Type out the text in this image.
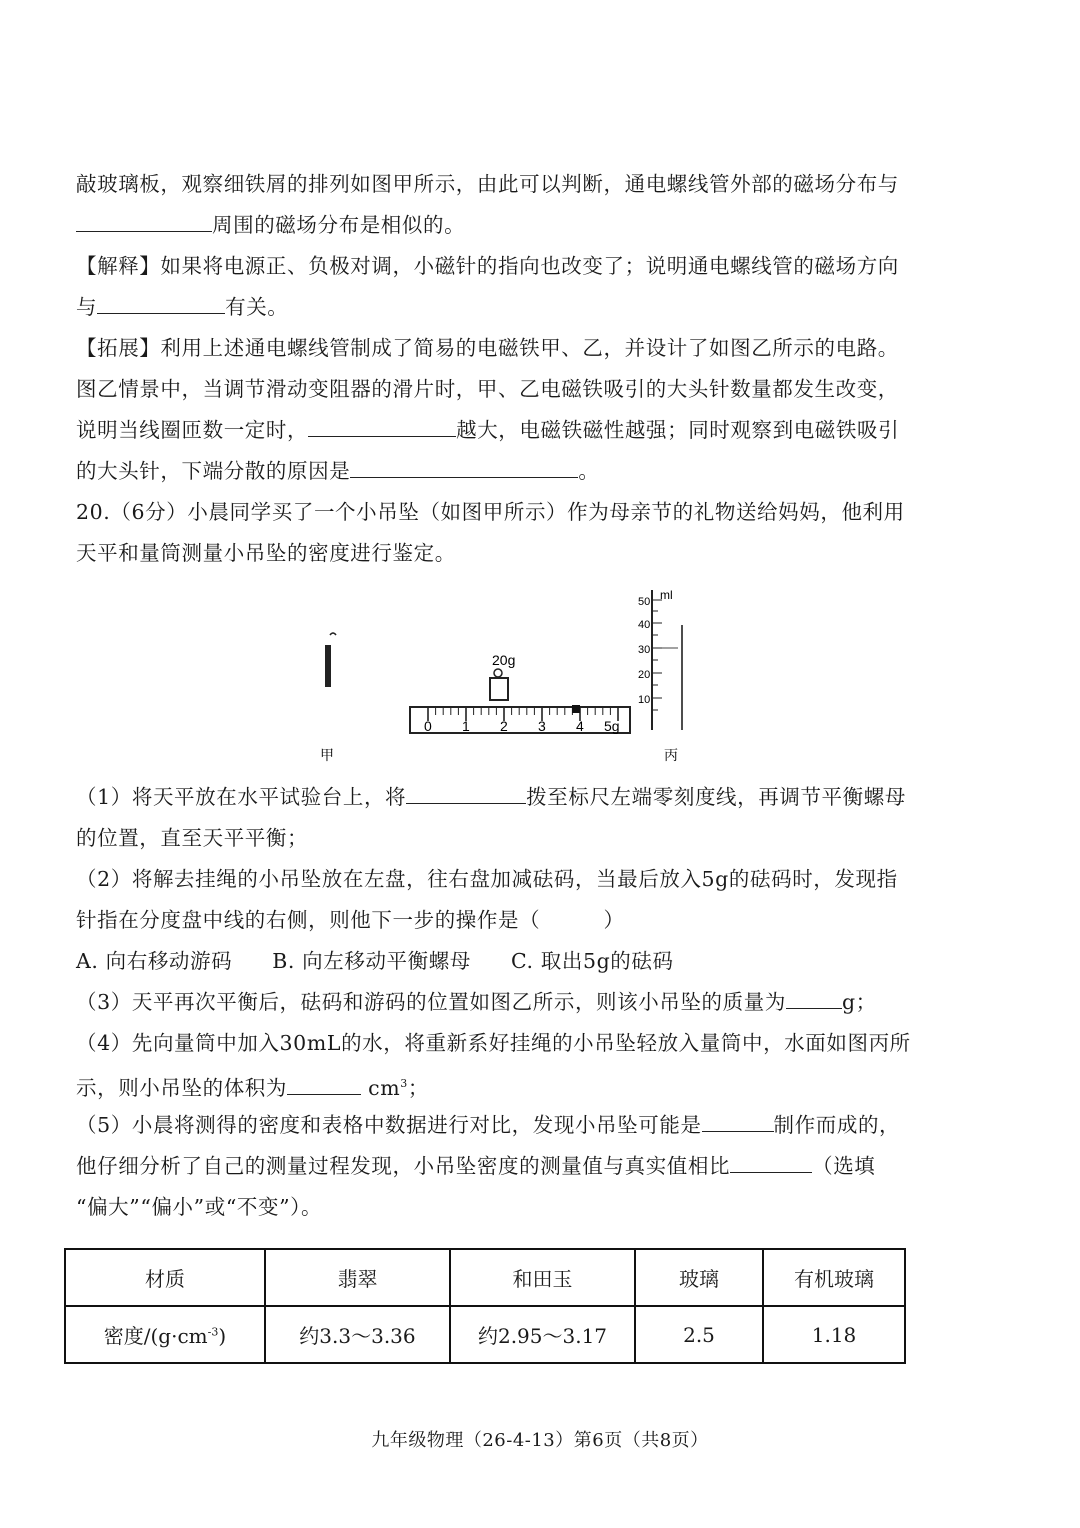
敲玻璃板，观察细铁屑的排列如图甲所示，由此可以判断，通电螺线管外部的磁场分布与
周围的磁场分布是相似的。
【解释】如果将电源正、负极对调，小磁针的指向也改变了；说明通电螺线管的磁场方向
与	有关。
【拓展】利用上述通电螺线管制成了简易的电磁铁甲、乙，并设计了如图乙所示的电路。
图乙情景中，当调节滑动变阻器的滑片时，甲、乙电磁铁吸引的大头针数量都发生改变，
说明当线圈匝数一定时，	越大，电磁铁磁性越强；同时观察到电磁铁吸引
的大头针，下端分散的原因是	。
20.（6分）小晨同学买了一个小吊坠（如图甲所示）作为母亲节的礼物送给妈妈，他利用
天平和量筒测量小吊坠的密度进行鉴定。
20g
0 1 2 3 4 5g
ml
50
40
30
20
10
甲	丙
（1）将天平放在水平试验台上，将	拨至标尺左端零刻度线，再调节平衡螺母
的位置，直至天平平衡；
（2）将解去挂绳的小吊坠放在左盘，往右盘加减砝码，当最后放入5g的砝码时，发现指
针指在分度盘中线的右侧，则他下一步的操作是（　　　）
A. 向右移动游码 B. 向左移动平衡螺母 C. 取出5g的砝码
（3）天平再次平衡后，砝码和游码的位置如图乙所示，则该小吊坠的质量为	g；
（4）先向量筒中加入30mL的水，将重新系好挂绳的小吊坠轻放入量筒中，水面如图丙所
示，则小吊坠的体积为	$cm^3$；
（5）小晨将测得的密度和表格中数据进行对比，发现小吊坠可能是	制作而成的，
他仔细分析了自己的测量过程发现，小吊坠密度的测量值与真实值相比	（选填
“偏大”“偏小”或“不变”）。
材质	翡翠	和田玉	玻璃	有机玻璃
密度$/(g\cdot cm^{-3})$	约3.3～3.36	约2.95～3.17	2.5	1.18
九年级物理（26-4-13）第6页（共8页）
